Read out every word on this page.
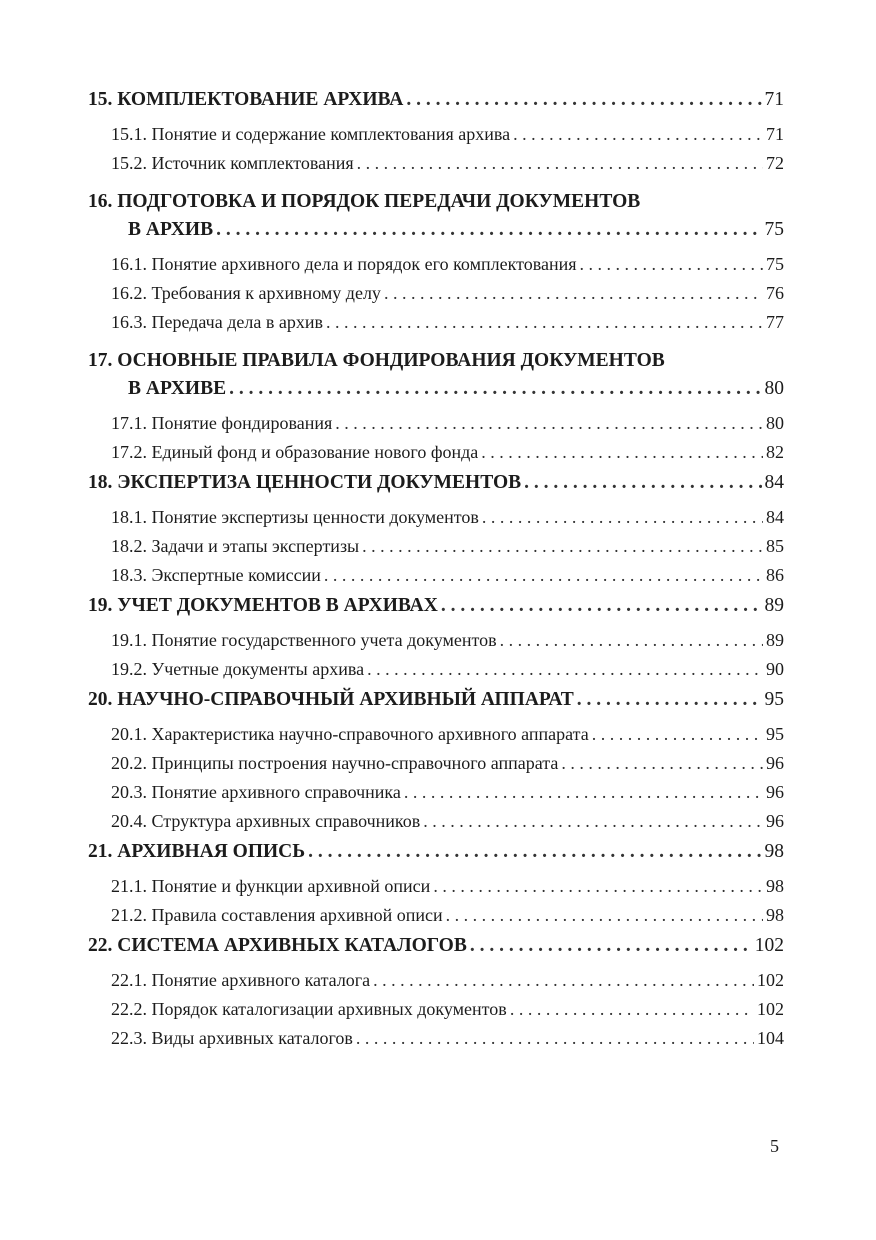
15. КОМПЛЕКТОВАНИЕ АРХИВА . . .	71
15.1. Понятие и содержание комплектования архива . . .	71
15.2. Источник комплектования . . .	72
16. ПОДГОТОВКА И ПОРЯДОК ПЕРЕДАЧИ ДОКУМЕНТОВ
В АРХИВ . . .	75
16.1. Понятие архивного дела и порядок его комплектования . . .	75
16.2. Требования к архивному делу . . .	76
16.3. Передача дела в архив . . .	77
17. ОСНОВНЫЕ ПРАВИЛА ФОНДИРОВАНИЯ ДОКУМЕНТОВ
В АРХИВЕ . . .	80
17.1. Понятие фондирования . . .	80
17.2. Единый фонд и образование нового фонда . . .	82
18. ЭКСПЕРТИЗА ЦЕННОСТИ ДОКУМЕНТОВ . . .	84
18.1. Понятие экспертизы ценности документов . . .	84
18.2. Задачи и этапы экспертизы . . .	85
18.3. Экспертные комиссии . . .	86
19. УЧЕТ ДОКУМЕНТОВ В АРХИВАХ . . .	89
19.1. Понятие государственного учета документов . . .	89
19.2. Учетные документы архива . . .	90
20. НАУЧНО-СПРАВОЧНЫЙ АРХИВНЫЙ АППАРАТ . . .	95
20.1. Характеристика научно-справочного архивного аппарата . . .	95
20.2. Принципы построения научно-справочного аппарата . . .	96
20.3. Понятие архивного справочника . . .	96
20.4. Структура архивных справочников . . .	96
21. АРХИВНАЯ ОПИСЬ . . .	98
21.1. Понятие и функции архивной описи . . .	98
21.2. Правила составления архивной описи . . .	98
22. СИСТЕМА АРХИВНЫХ КАТАЛОГОВ . . .	102
22.1. Понятие архивного каталога . . .	102
22.2. Порядок каталогизации архивных документов . . .	102
22.3. Виды архивных каталогов . . .	104
5
